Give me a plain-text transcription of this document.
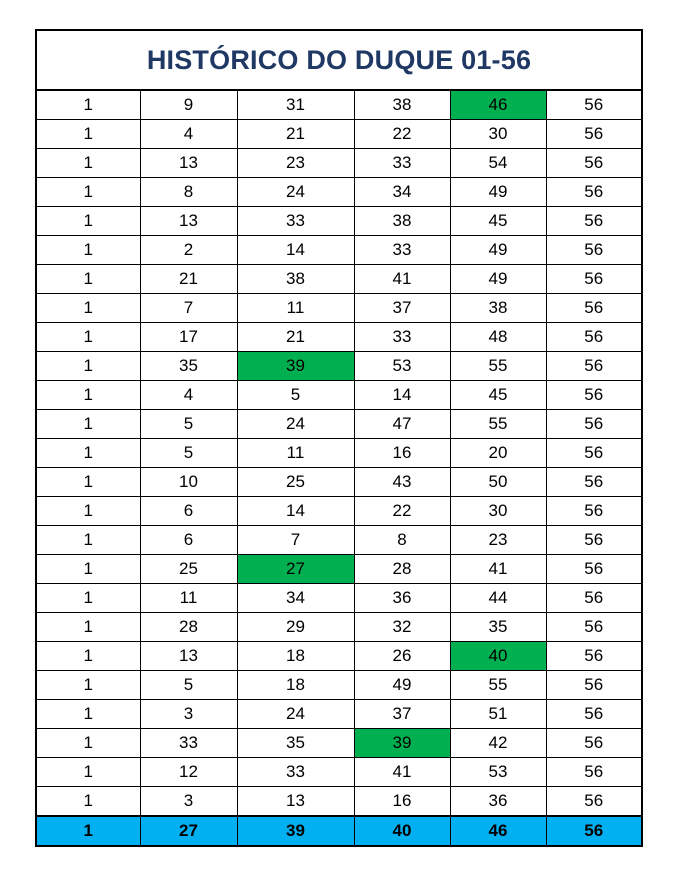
HISTÓRICO DO DUQUE 01-56
1	9	31	38	46	56
1	4	21	22	30	56
1	13	23	33	54	56
1	8	24	34	49	56
1	13	33	38	45	56
1	2	14	33	49	56
1	21	38	41	49	56
1	7	11	37	38	56
1	17	21	33	48	56
1	35	39	53	55	56
1	4	5	14	45	56
1	5	24	47	55	56
1	5	11	16	20	56
1	10	25	43	50	56
1	6	14	22	30	56
1	6	7	8	23	56
1	25	27	28	41	56
1	11	34	36	44	56
1	28	29	32	35	56
1	13	18	26	40	56
1	5	18	49	55	56
1	3	24	37	51	56
1	33	35	39	42	56
1	12	33	41	53	56
1	3	13	16	36	56
1	27	39	40	46	56
